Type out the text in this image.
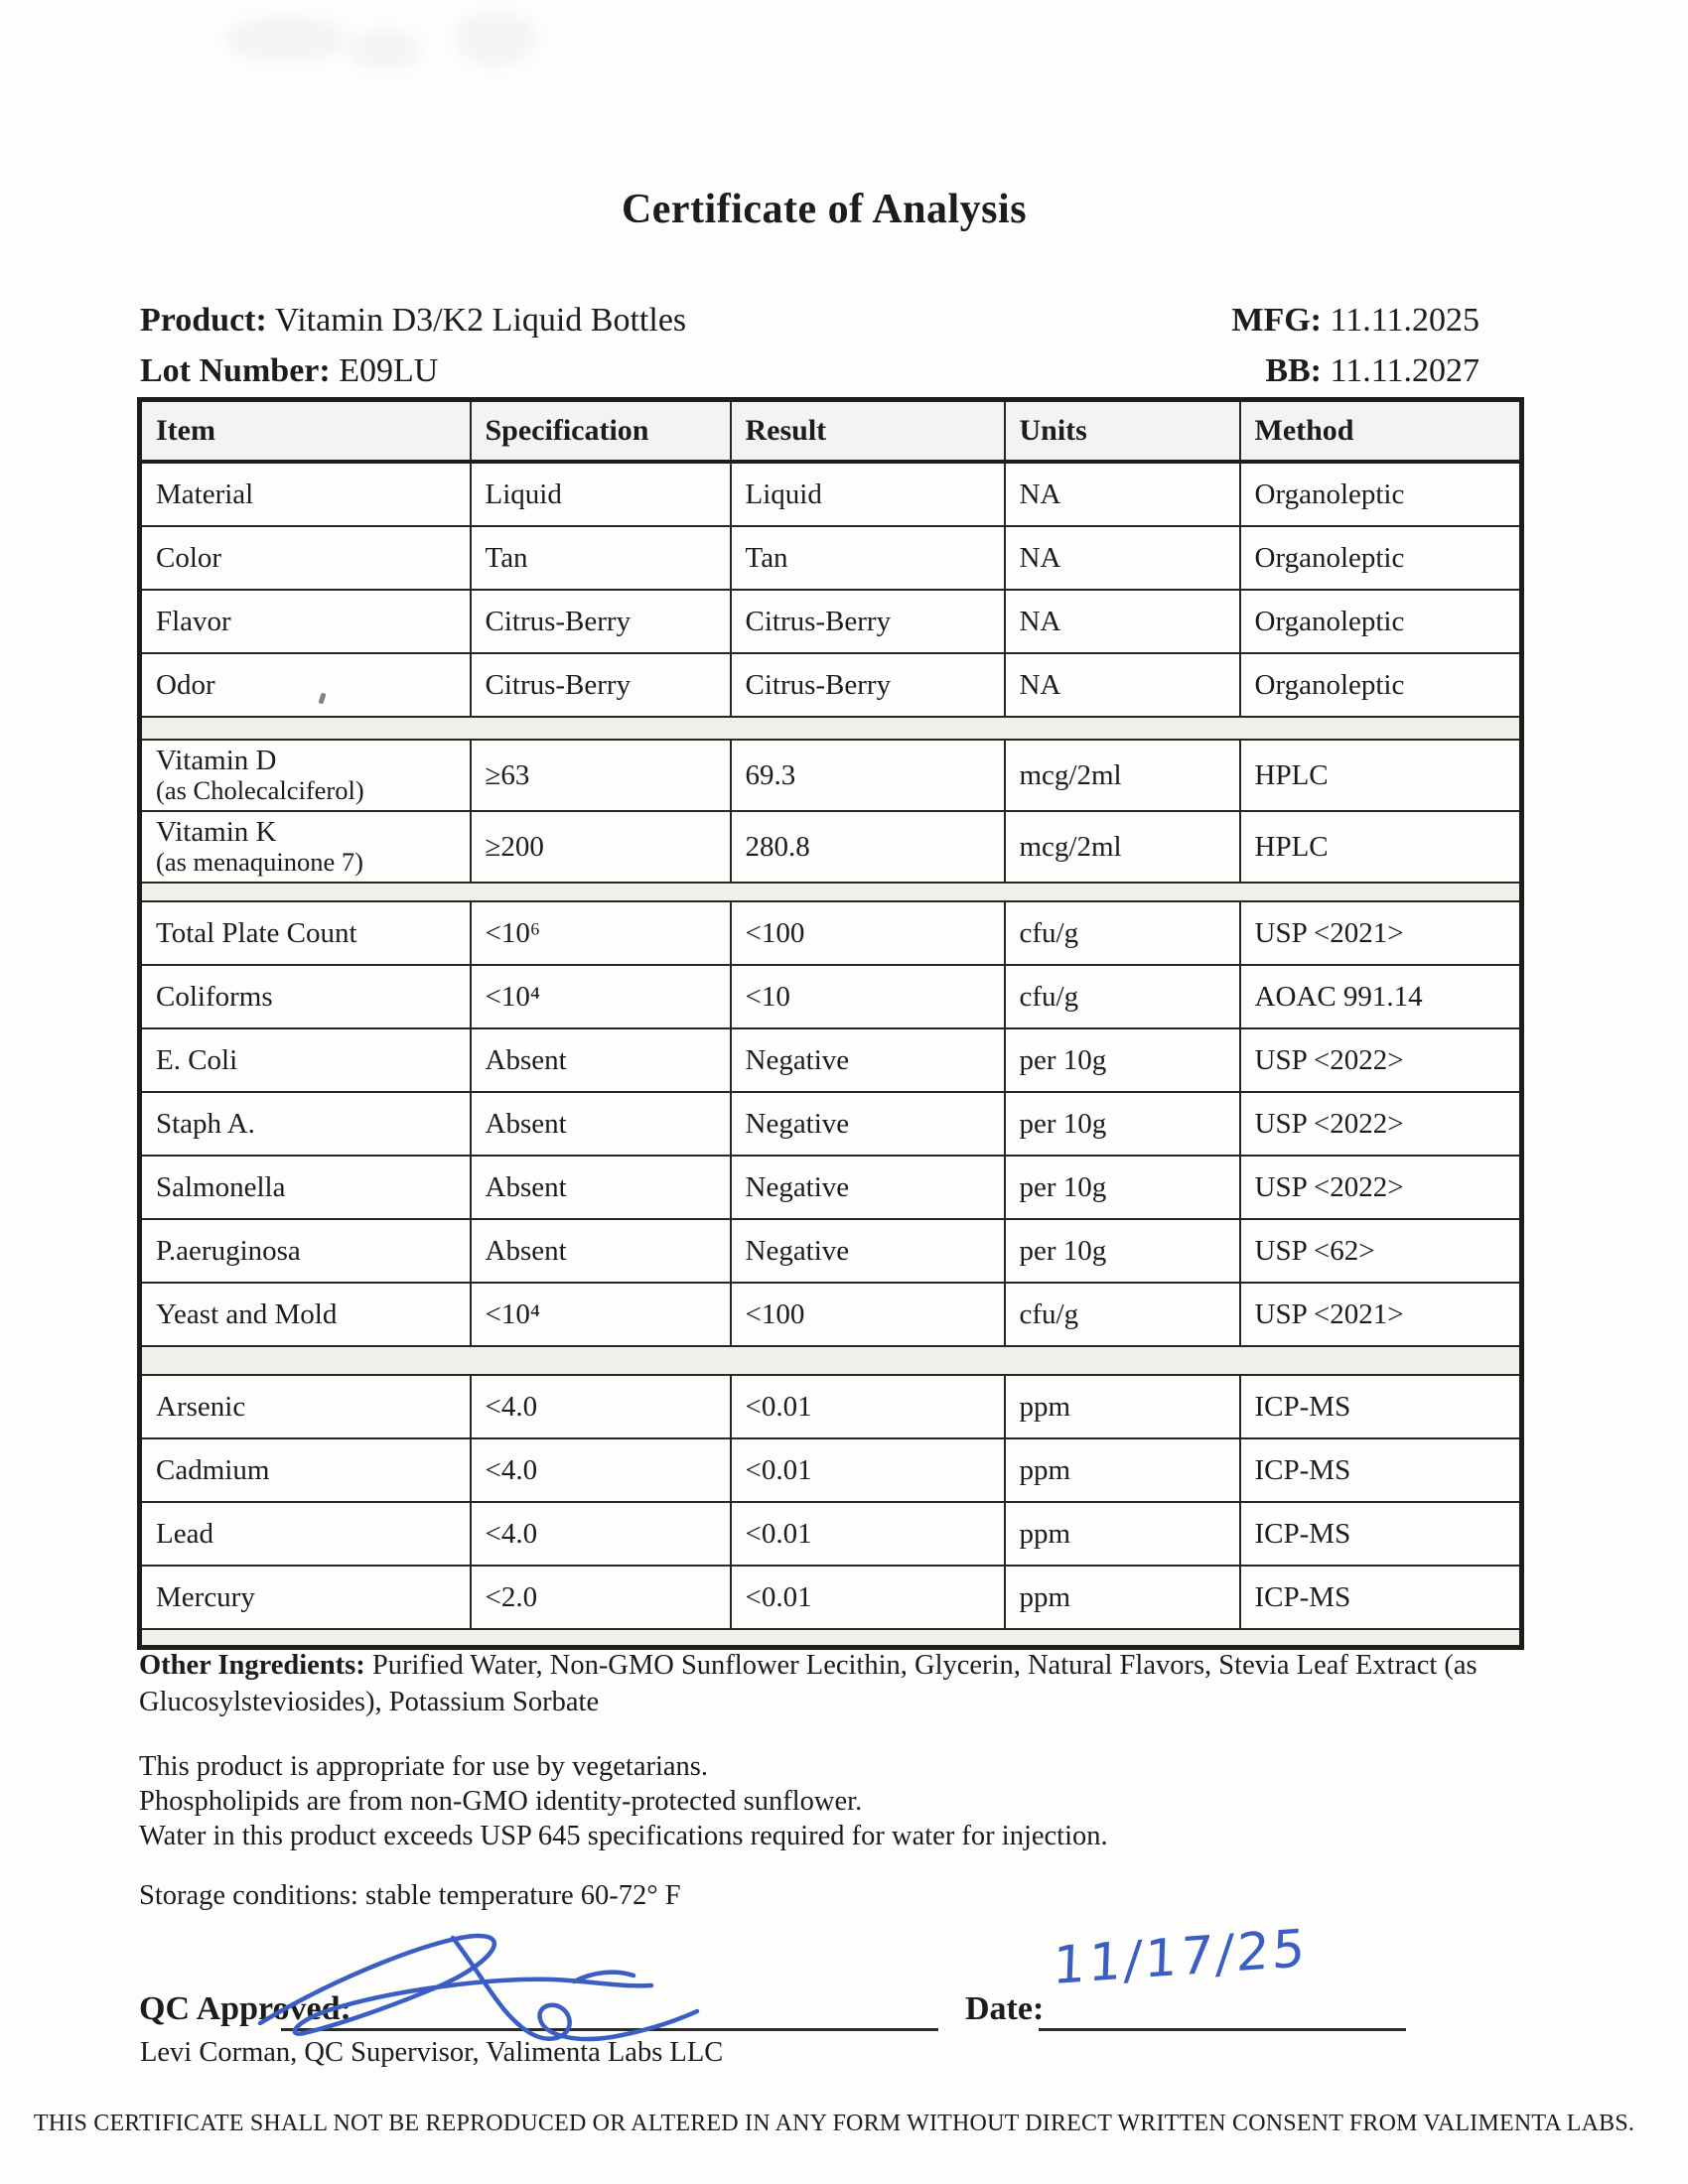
Certificate of Analysis
Product: Vitamin D3/K2 Liquid Bottles
Lot Number: E09LU
MFG: 11.11.2025
BB: 11.11.2027
Item	Specification	Result	Units	Method
Material	Liquid	Liquid	NA	Organoleptic
Color	Tan	Tan	NA	Organoleptic
Flavor	Citrus-Berry	Citrus-Berry	NA	Organoleptic
Odor	Citrus-Berry	Citrus-Berry	NA	Organoleptic

Vitamin D
(as Cholecalciferol)	≥63	69.3	mcg/2ml	HPLC

Vitamin K
(as menaquinone 7)	≥200	280.8	mcg/2ml	HPLC

Total Plate Count	<10⁶	<100	cfu/g	USP <2021>
Coliforms	<10⁴	<10	cfu/g	AOAC 991.14
E. Coli	Absent	Negative	per 10g	USP <2022>
Staph A.	Absent	Negative	per 10g	USP <2022>
Salmonella	Absent	Negative	per 10g	USP <2022>
P.aeruginosa	Absent	Negative	per 10g	USP <62>
Yeast and Mold	<10⁴	<100	cfu/g	USP <2021>

Arsenic	<4.0	<0.01	ppm	ICP-MS
Cadmium	<4.0	<0.01	ppm	ICP-MS
Lead	<4.0	<0.01	ppm	ICP-MS
Mercury	<2.0	<0.01	ppm	ICP-MS

Other Ingredients: Purified Water, Non-GMO Sunflower Lecithin, Glycerin, Natural Flavors, Stevia Leaf Extract (as Glucosylsteviosides), Potassium Sorbate
This product is appropriate for use by vegetarians.
Phospholipids are from non-GMO identity-protected sunflower.
Water in this product exceeds USP 645 specifications required for water for injection.
Storage conditions: stable temperature 60-72° F
QC Approved:	Date:
Levi Corman, QC Supervisor, Valimenta Labs LLC
11/17/25
THIS CERTIFICATE SHALL NOT BE REPRODUCED OR ALTERED IN ANY FORM WITHOUT DIRECT WRITTEN CONSENT FROM VALIMENTA LABS.
